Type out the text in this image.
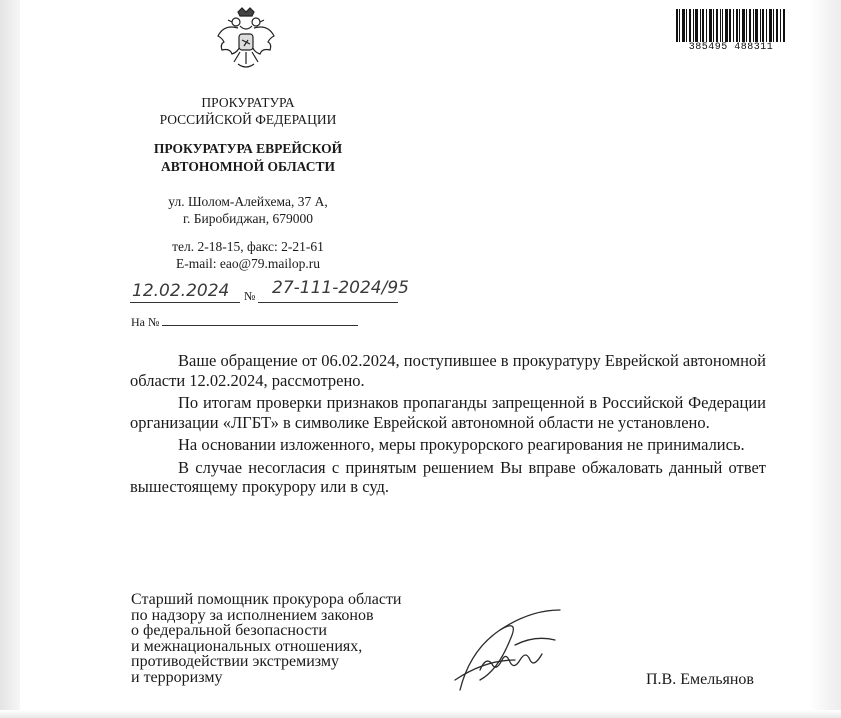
385495 488311
ПРОКУРАТУРА
РОССИЙСКОЙ ФЕДЕРАЦИИ
ПРОКУРАТУРА ЕВРЕЙСКОЙ
АВТОНОМНОЙ ОБЛАСТИ
ул. Шолом-Алейхема, 37 А,
г. Биробиджан, 679000
тел. 2-18-15, факс: 2-21-61
E-mail: eao@79.mailop.ru
12.02.2024 № 27-111-2024/95
На №

Ваше обращение от 06.02.2024, поступившее в прокуратуру Еврейской автономной области 12.02.2024, рассмотрено.

По итогам проверки признаков пропаганды запрещенной в Российской Федерации организации «ЛГБТ» в символике Еврейской автономной области не установлено.

На основании изложенного, меры прокурорского реагирования не принимались.

В случае несогласия с принятым решением Вы вправе обжаловать данный ответ вышестоящему прокурору или в суд.

Старший помощник прокурора области
по надзору за исполнением законов
о федеральной безопасности
и межнациональных отношениях,
противодействии экстремизму
и терроризму	П.В. Емельянов
